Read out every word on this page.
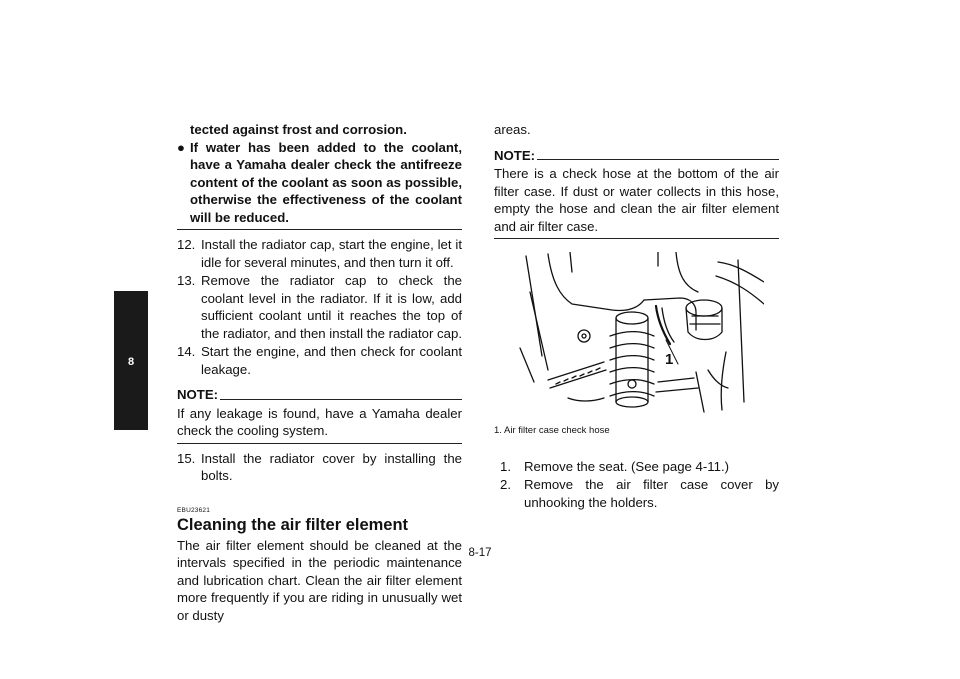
8
tected against frost and corrosion.
● If water has been added to the coolant, have a Yamaha dealer check the antifreeze content of the coolant as soon as possible, otherwise the effectiveness of the coolant will be reduced.
12. Install the radiator cap, start the engine, let it idle for several minutes, and then turn it off.
13. Remove the radiator cap to check the coolant level in the radiator. If it is low, add sufficient coolant until it reaches the top of the radiator, and then install the radiator cap.
14. Start the engine, and then check for coolant leakage.
NOTE:
If any leakage is found, have a Yamaha dealer check the cooling system.
15. Install the radiator cover by installing the bolts.
EBU23621
Cleaning the air filter element
The air filter element should be cleaned at the intervals specified in the periodic maintenance and lubrication chart. Clean the air filter element more frequently if you are riding in unusually wet or dusty
areas.
NOTE:
There is a check hose at the bottom of the air filter case. If dust or water collects in this hose, empty the hose and clean the air filter element and air filter case.
1
1. Air filter case check hose
1. Remove the seat. (See page 4-11.)
2. Remove the air filter case cover by unhooking the holders.
8-17
